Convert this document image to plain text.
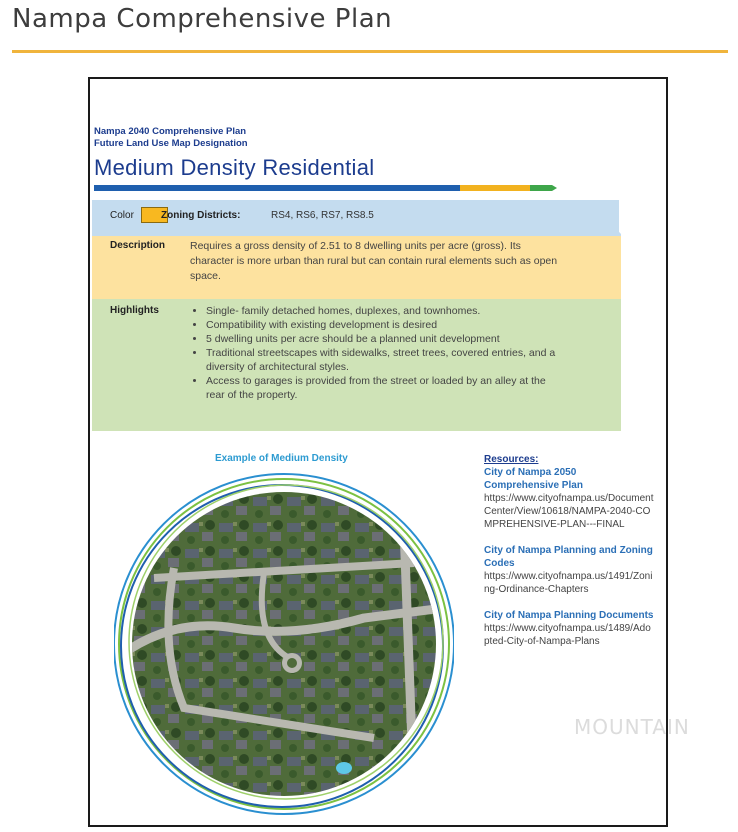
Nampa Comprehensive Plan
Nampa 2040 Comprehensive Plan
Future Land Use Map Designation
Medium Density Residential
Color	Zoning Districts:	RS4, RS6, RS7, RS8.5
Description Requires a gross density of 2.51 to 8 dwelling units per acre (gross). Its character is more urban than rural but can contain rural elements such as open space.
Highlights
•	Single- family detached homes, duplexes, and townhomes.
• Compatibility with existing development is desired
• 5 dwelling units per acre should be a planned unit development
• Traditional streetscapes with sidewalks, street trees, covered entries, and a diversity of architectural styles.
• Access to garages is provided from the street or loaded by an alley at the rear of the property.
Example of Medium Density	Resources:
City of Nampa 2050 Comprehensive Plan
https://www.cityofnampa.us/DocumentCenter/View/10618/NAMPA-2040-COMPREHENSIVE-PLAN---FINAL
City of Nampa Planning and Zoning Codes
https://www.cityofnampa.us/1491/Zoning-Ordinance-Chapters
City of Nampa Planning Documents
https://www.cityofnampa.us/1489/Adopted-City-of-Nampa-Plans
MOUNTAIN
